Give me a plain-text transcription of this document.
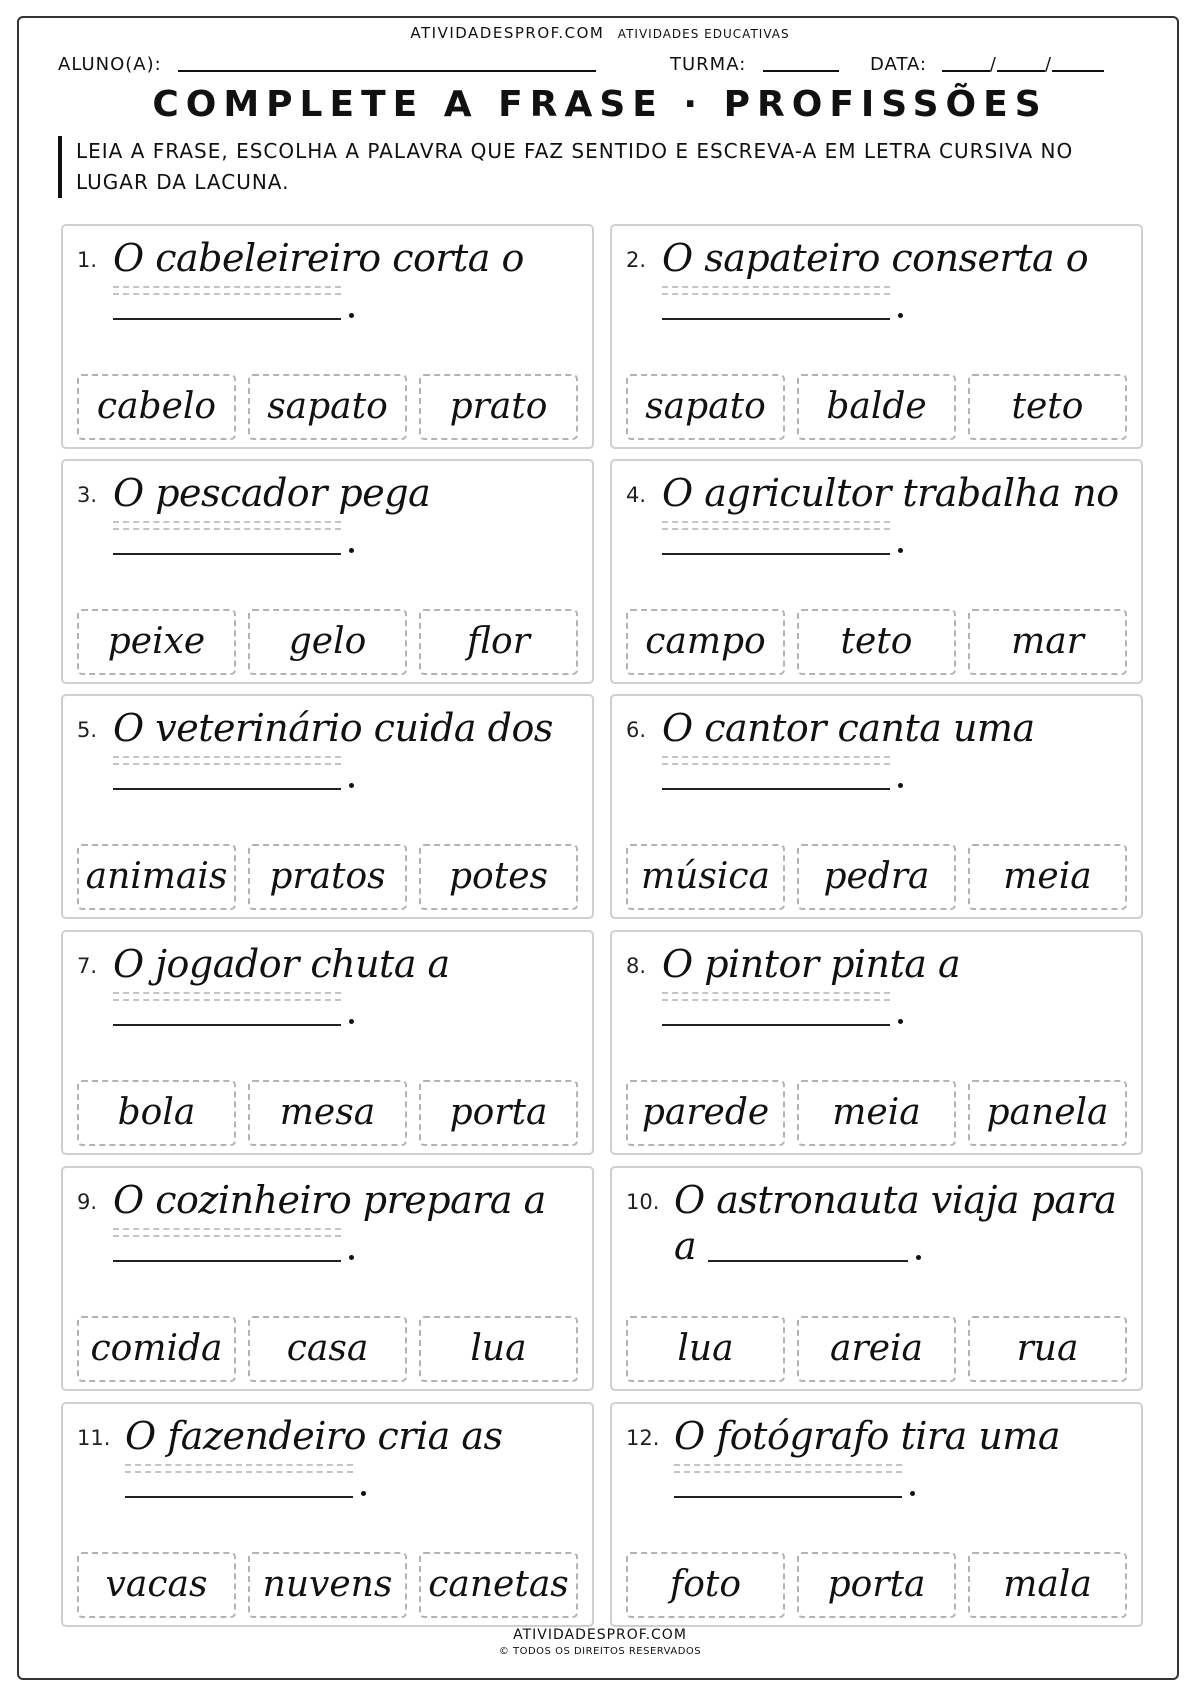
ATIVIDADESPROF.COM ATIVIDADES EDUCATIVAS
ALUNO(A):	TURMA:	DATA:	/	/
COMPLETE A FRASE · PROFISSÕES
LEIA A FRASE, ESCOLHA A PALAVRA QUE FAZ SENTIDO E ESCREVA-A EM LETRA CURSIVA NO LUGAR DA LACUNA.
1. O cabeleireiro corta o
cabelo	sapato	prato
2. O sapateiro conserta o
sapato	balde	teto
3. O pescador pega
peixe	gelo	flor
4. O agricultor trabalha no
campo	teto	mar
5. O veterinário cuida dos
animais	pratos	potes
6. O cantor canta uma
música	pedra	meia
7. O jogador chuta a
bola	mesa	porta
8. O pintor pinta a
parede	meia	panela
9. O cozinheiro prepara a
comida	casa	lua
10. O astronauta viaja para
a
lua	areia	rua
11. O fazendeiro cria as
vacas	nuvens canetas
12. O fotógrafo tira uma
foto	porta	mala
ATIVIDADESPROF.COM
© TODOS OS DIREITOS RESERVADOS
